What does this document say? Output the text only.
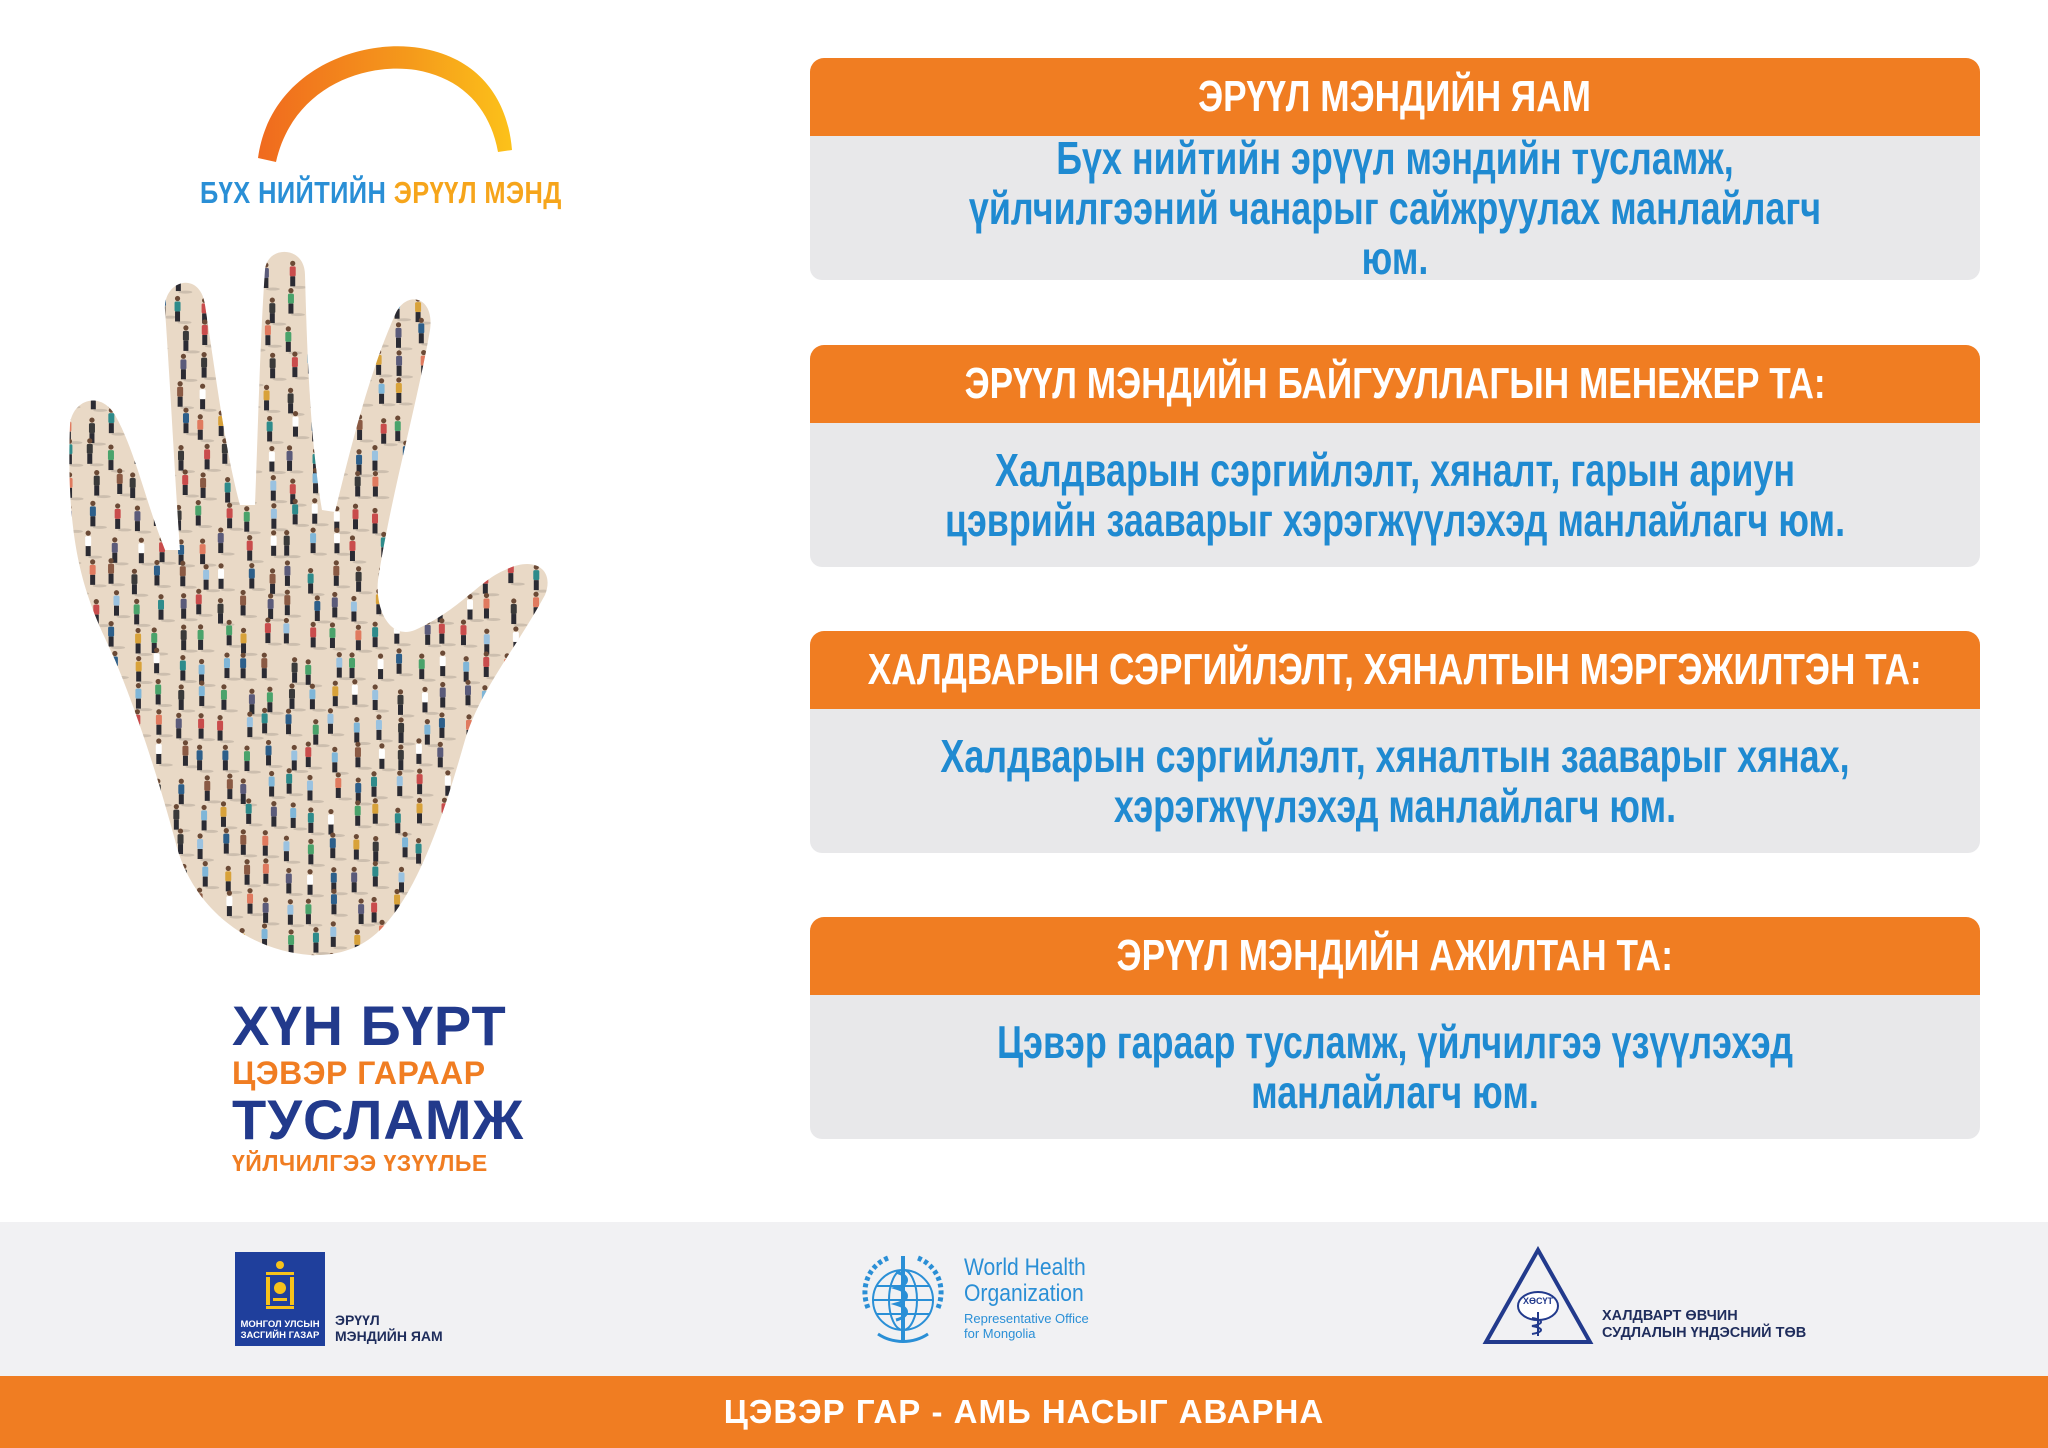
БҮХ НИЙТИЙН ЭРҮҮЛ МЭНД
ХҮН БҮРТ
ЦЭВЭР ГАРААР
ТУСЛАМЖ
ҮЙЛЧИЛГЭЭ ҮЗҮҮЛЬЕ
ЭРҮҮЛ МЭНДИЙН ЯАМ
Бүх нийтийн эрүүл мэндийн тусламж, үйлчилгээний чанарыг сайжруулах манлайлагч юм.
ЭРҮҮЛ МЭНДИЙН БАЙГУУЛЛАГЫН МЕНЕЖЕР ТА:
Халдварын сэргийлэлт, хяналт, гарын ариун цэврийн зааварыг хэрэгжүүлэхэд манлайлагч юм.
ХАЛДВАРЫН СЭРГИЙЛЭЛТ, ХЯНАЛТЫН МЭРГЭЖИЛТЭН ТА:
Халдварын сэргийлэлт, хяналтын зааварыг хянах, хэрэгжүүлэхэд манлайлагч юм.
ЭРҮҮЛ МЭНДИЙН АЖИЛТАН ТА:
Цэвэр гараар тусламж, үйлчилгээ үзүүлэхэд манлайлагч юм.
МОНГОЛ УЛСЫН ЗАСГИЙН ГАЗАР
ЭРҮҮЛ
МЭНДИЙН ЯАМ
World Health
Organization
Representative Office
for Mongolia
ХӨСҮТ
ХАЛДВАРТ ӨВЧИН
СУДЛАЛЫН ҮНДЭСНИЙ ТӨВ
ЦЭВЭР ГАР - АМЬ НАСЫГ АВАРНА
